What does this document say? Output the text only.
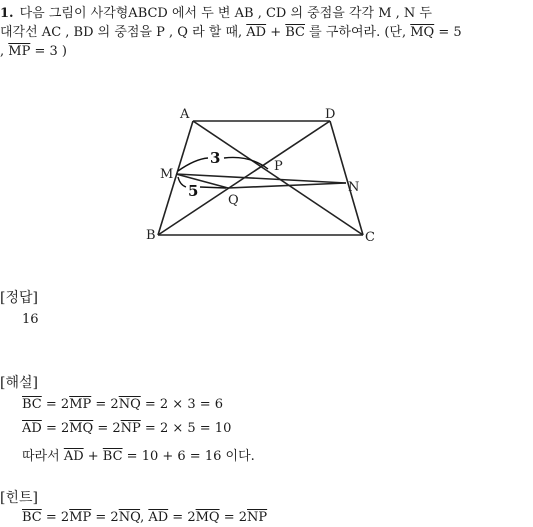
1. 다음 그림이 사각형ABCD 에서 두 변 AB , CD 의 중점을 각각 M , N 두
대각선 AC , BD 의 중점을 P , Q 라 할 때, $\overline{AD} + \overline{BC}$ 를 구하여라. (단, $\overline{MQ} = 5$
, $\overline{MP} = 3$ )
A	D
M
P
N
Q
B	C
3
5
[정답]
16
[해설]
$\overline{BC} = 2\overline{MP} = 2\overline{NQ} = 2 \times 3 = 6$
$\overline{AD} = 2\overline{MQ} = 2\overline{NP} = 2 \times 5 = 10$
따라서 $\overline{AD} + \overline{BC} = 10 + 6 = 16$ 이다.
[힌트]
$\overline{BC} = 2\overline{MP} = 2\overline{NQ}$, $\overline{AD} = 2\overline{MQ} = 2\overline{NP}$
